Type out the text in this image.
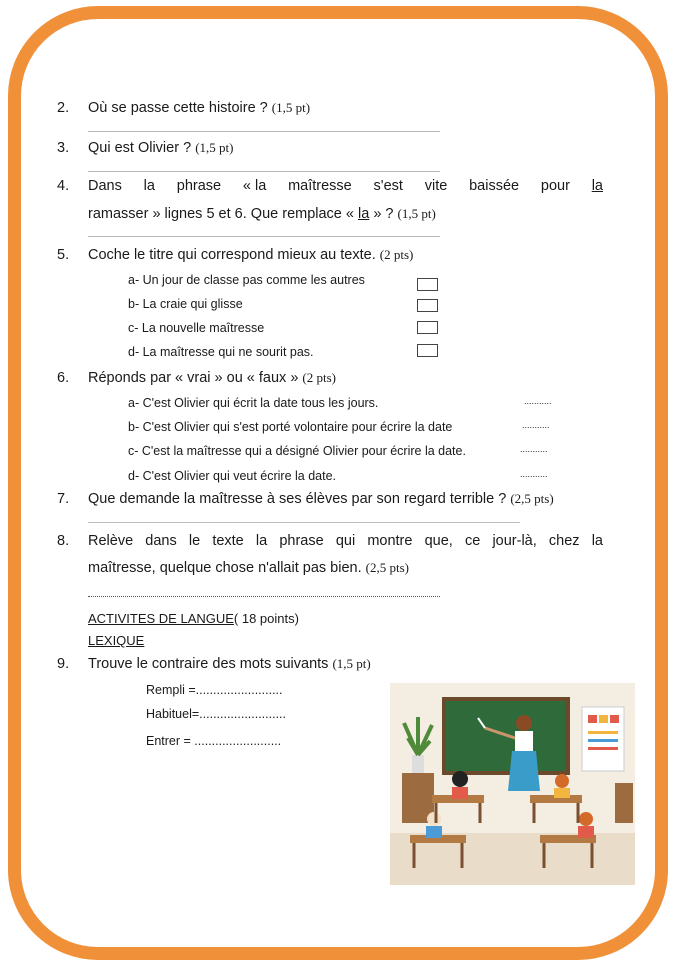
2. Où se passe cette histoire ? (1,5 pt)
3. Qui est Olivier ? (1,5 pt)
4. Dans la phrase « la maîtresse s'est vite baissée pour la
ramasser » lignes 5 et 6. Que remplace « la » ? (1,5 pt)
5. Coche le titre qui correspond mieux au texte. (2 pts)
a- Un jour de classe pas comme les autres
b- La craie qui glisse
c- La nouvelle maîtresse
d- La maîtresse qui ne sourit pas.
6. Réponds par « vrai » ou « faux » (2 pts)
a- C'est Olivier qui écrit la date tous les jours.
b- C'est Olivier qui s'est porté volontaire pour écrire la date
c- C'est la maîtresse qui a désigné Olivier pour écrire la date.
d- C'est Olivier qui veut écrire la date.
...........
...........
...........
...........
7. Que demande la maîtresse à ses élèves par son regard terrible ? (2,5 pts)
8. Relève dans le texte la phrase qui montre que, ce jour-là, chez la
maîtresse, quelque chose n'allait pas bien. (2,5 pts)
ACTIVITES DE LANGUE( 18 points)
LEXIQUE
9. Trouve le contraire des mots suivants (1,5 pt)
Rempli =.........................
Habituel=.........................
Entrer = .........................
